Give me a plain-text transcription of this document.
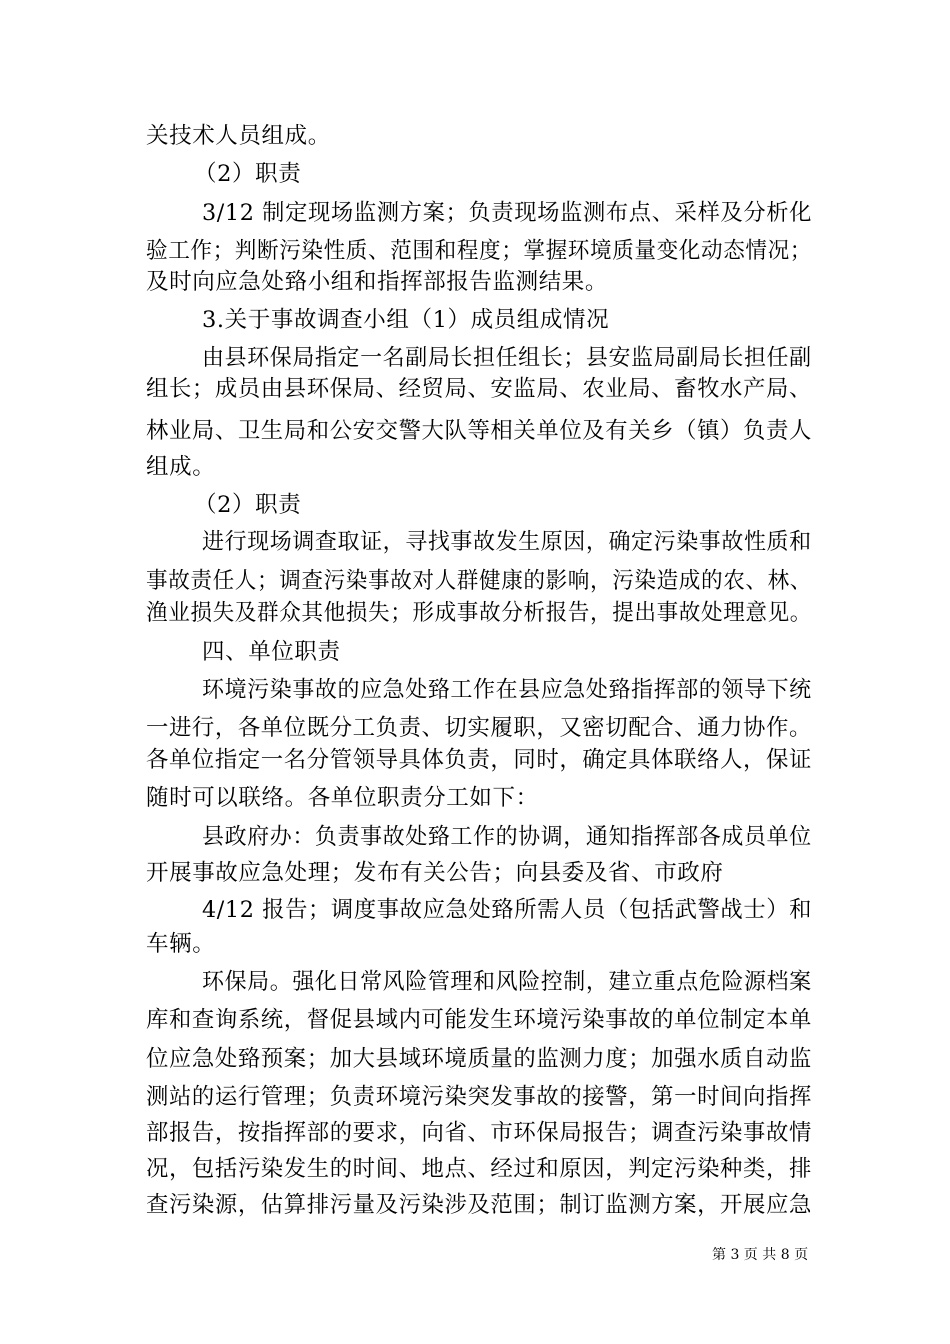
关技术人员组成。
（2）职责
3/12 制定现场监测方案；负责现场监测布点、采样及分析化
验工作；判断污染性质、范围和程度；掌握环境质量变化动态情况；
及时向应急处臵小组和指挥部报告监测结果。
3.关于事故调查小组（1）成员组成情况
由县环保局指定一名副局长担任组长；县安监局副局长担任副
组长；成员由县环保局、经贸局、安监局、农业局、畜牧水产局、
林业局、卫生局和公安交警大队等相关单位及有关乡（镇）负责人
组成。
（2）职责
进行现场调查取证，寻找事故发生原因，确定污染事故性质和
事故责任人；调查污染事故对人群健康的影响，污染造成的农、林、
渔业损失及群众其他损失；形成事故分析报告，提出事故处理意见。
四、单位职责
环境污染事故的应急处臵工作在县应急处臵指挥部的领导下统
一进行，各单位既分工负责、切实履职，又密切配合、通力协作。
各单位指定一名分管领导具体负责，同时，确定具体联络人，保证
随时可以联络。各单位职责分工如下：
县政府办：负责事故处臵工作的协调，通知指挥部各成员单位
开展事故应急处理；发布有关公告；向县委及省、市政府
4/12 报告；调度事故应急处臵所需人员（包括武警战士）和
车辆。
环保局。强化日常风险管理和风险控制，建立重点危险源档案
库和查询系统，督促县域内可能发生环境污染事故的单位制定本单
位应急处臵预案；加大县域环境质量的监测力度；加强水质自动监
测站的运行管理；负责环境污染突发事故的接警，第一时间向指挥
部报告，按指挥部的要求，向省、市环保局报告；调查污染事故情
况，包括污染发生的时间、地点、经过和原因，判定污染种类，排
查污染源，估算排污量及污染涉及范围；制订监测方案，开展应急
第 3 页 共 8 页
